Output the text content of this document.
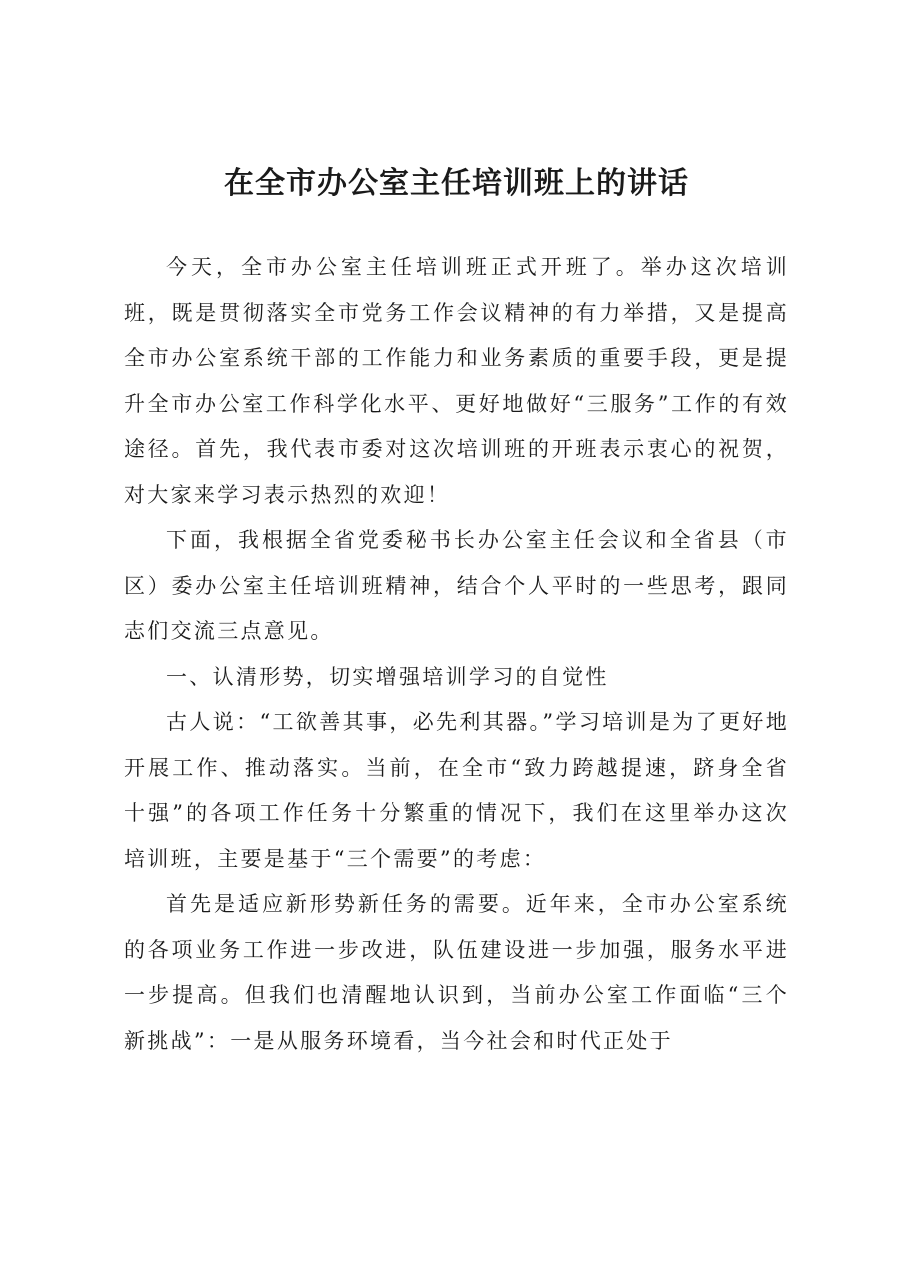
在全市办公室主任培训班上的讲话

今天，全市办公室主任培训班正式开班了。举办这次培训班，既是贯彻落实全市党务工作会议精神的有力举措，又是提高全市办公室系统干部的工作能力和业务素质的重要手段，更是提升全市办公室工作科学化水平、更好地做好“三服务”工作的有效途径。首先，我代表市委对这次培训班的开班表示衷心的祝贺，对大家来学习表示热烈的欢迎！

下面，我根据全省党委秘书长办公室主任会议和全省县（市区）委办公室主任培训班精神，结合个人平时的一些思考，跟同志们交流三点意见。

一、认清形势，切实增强培训学习的自觉性

古人说：“工欲善其事，必先利其器。”学习培训是为了更好地开展工作、推动落实。当前，在全市“致力跨越提速，跻身全省十强”的各项工作任务十分繁重的情况下，我们在这里举办这次培训班，主要是基于“三个需要”的考虑：

首先是适应新形势新任务的需要。近年来，全市办公室系统的各项业务工作进一步改进，队伍建设进一步加强，服务水平进一步提高。但我们也清醒地认识到，当前办公室工作面临“三个新挑战”：一是从服务环境看，当今社会和时代正处于
